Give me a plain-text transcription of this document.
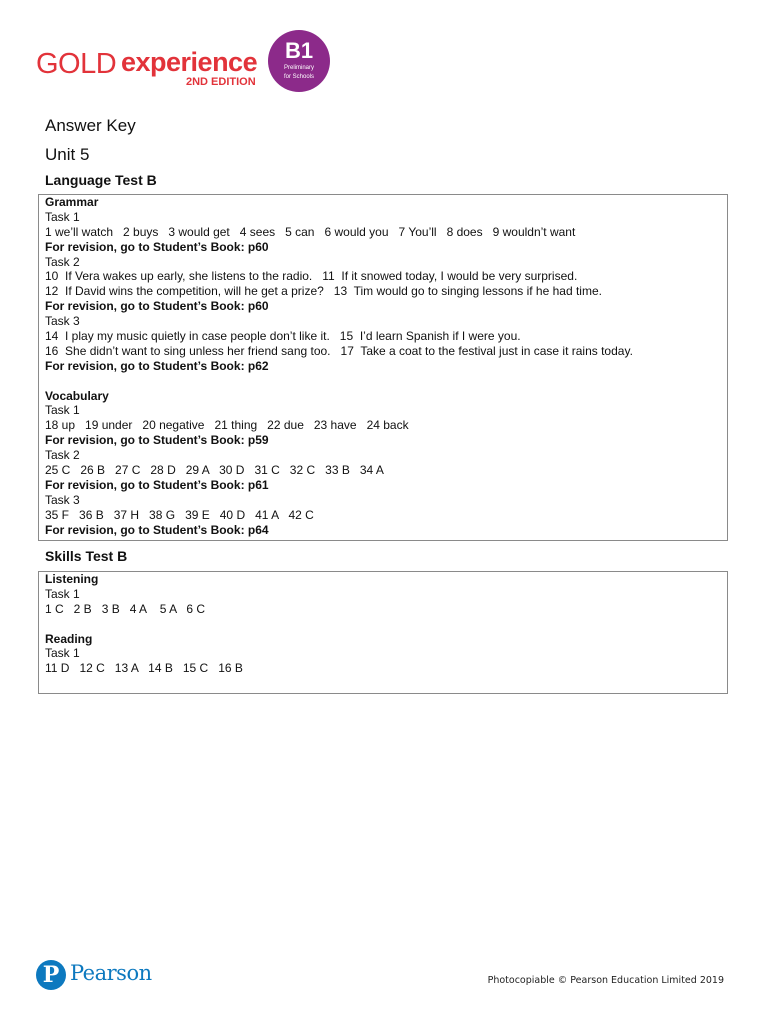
GOLD experience
2ND EDITION
B1
Preliminary
for Schools
Answer Key
Unit 5
Language Test B
Grammar
Task 1
1 we’ll watch   2 buys   3 would get   4 sees   5 can   6 would you   7 You’ll   8 does   9 wouldn’t want
For revision, go to Student’s Book: p60
Task 2
10  If Vera wakes up early, she listens to the radio.   11  If it snowed today, I would be very surprised.
12  If David wins the competition, will he get a prize?   13  Tim would go to singing lessons if he had time.
For revision, go to Student’s Book: p60
Task 3
14  I play my music quietly in case people don’t like it.   15  I’d learn Spanish if I were you.
16  She didn’t want to sing unless her friend sang too.   17  Take a coat to the festival just in case it rains today.
For revision, go to Student’s Book: p62
Vocabulary
Task 1
18 up   19 under   20 negative   21 thing   22 due   23 have   24 back
For revision, go to Student’s Book: p59
Task 2
25 C   26 B   27 C   28 D   29 A   30 D   31 C   32 C   33 B   34 A
For revision, go to Student’s Book: p61
Task 3
35 F   36 B   37 H   38 G   39 E   40 D   41 A   42 C
For revision, go to Student’s Book: p64
Skills Test B
Listening
Task 1
1 C   2 B   3 B   4 A    5 A   6 C
Reading
Task 1
11 D   12 C   13 A   14 B   15 C   16 B
P Pearson	Photocopiable © Pearson Education Limited 2019
